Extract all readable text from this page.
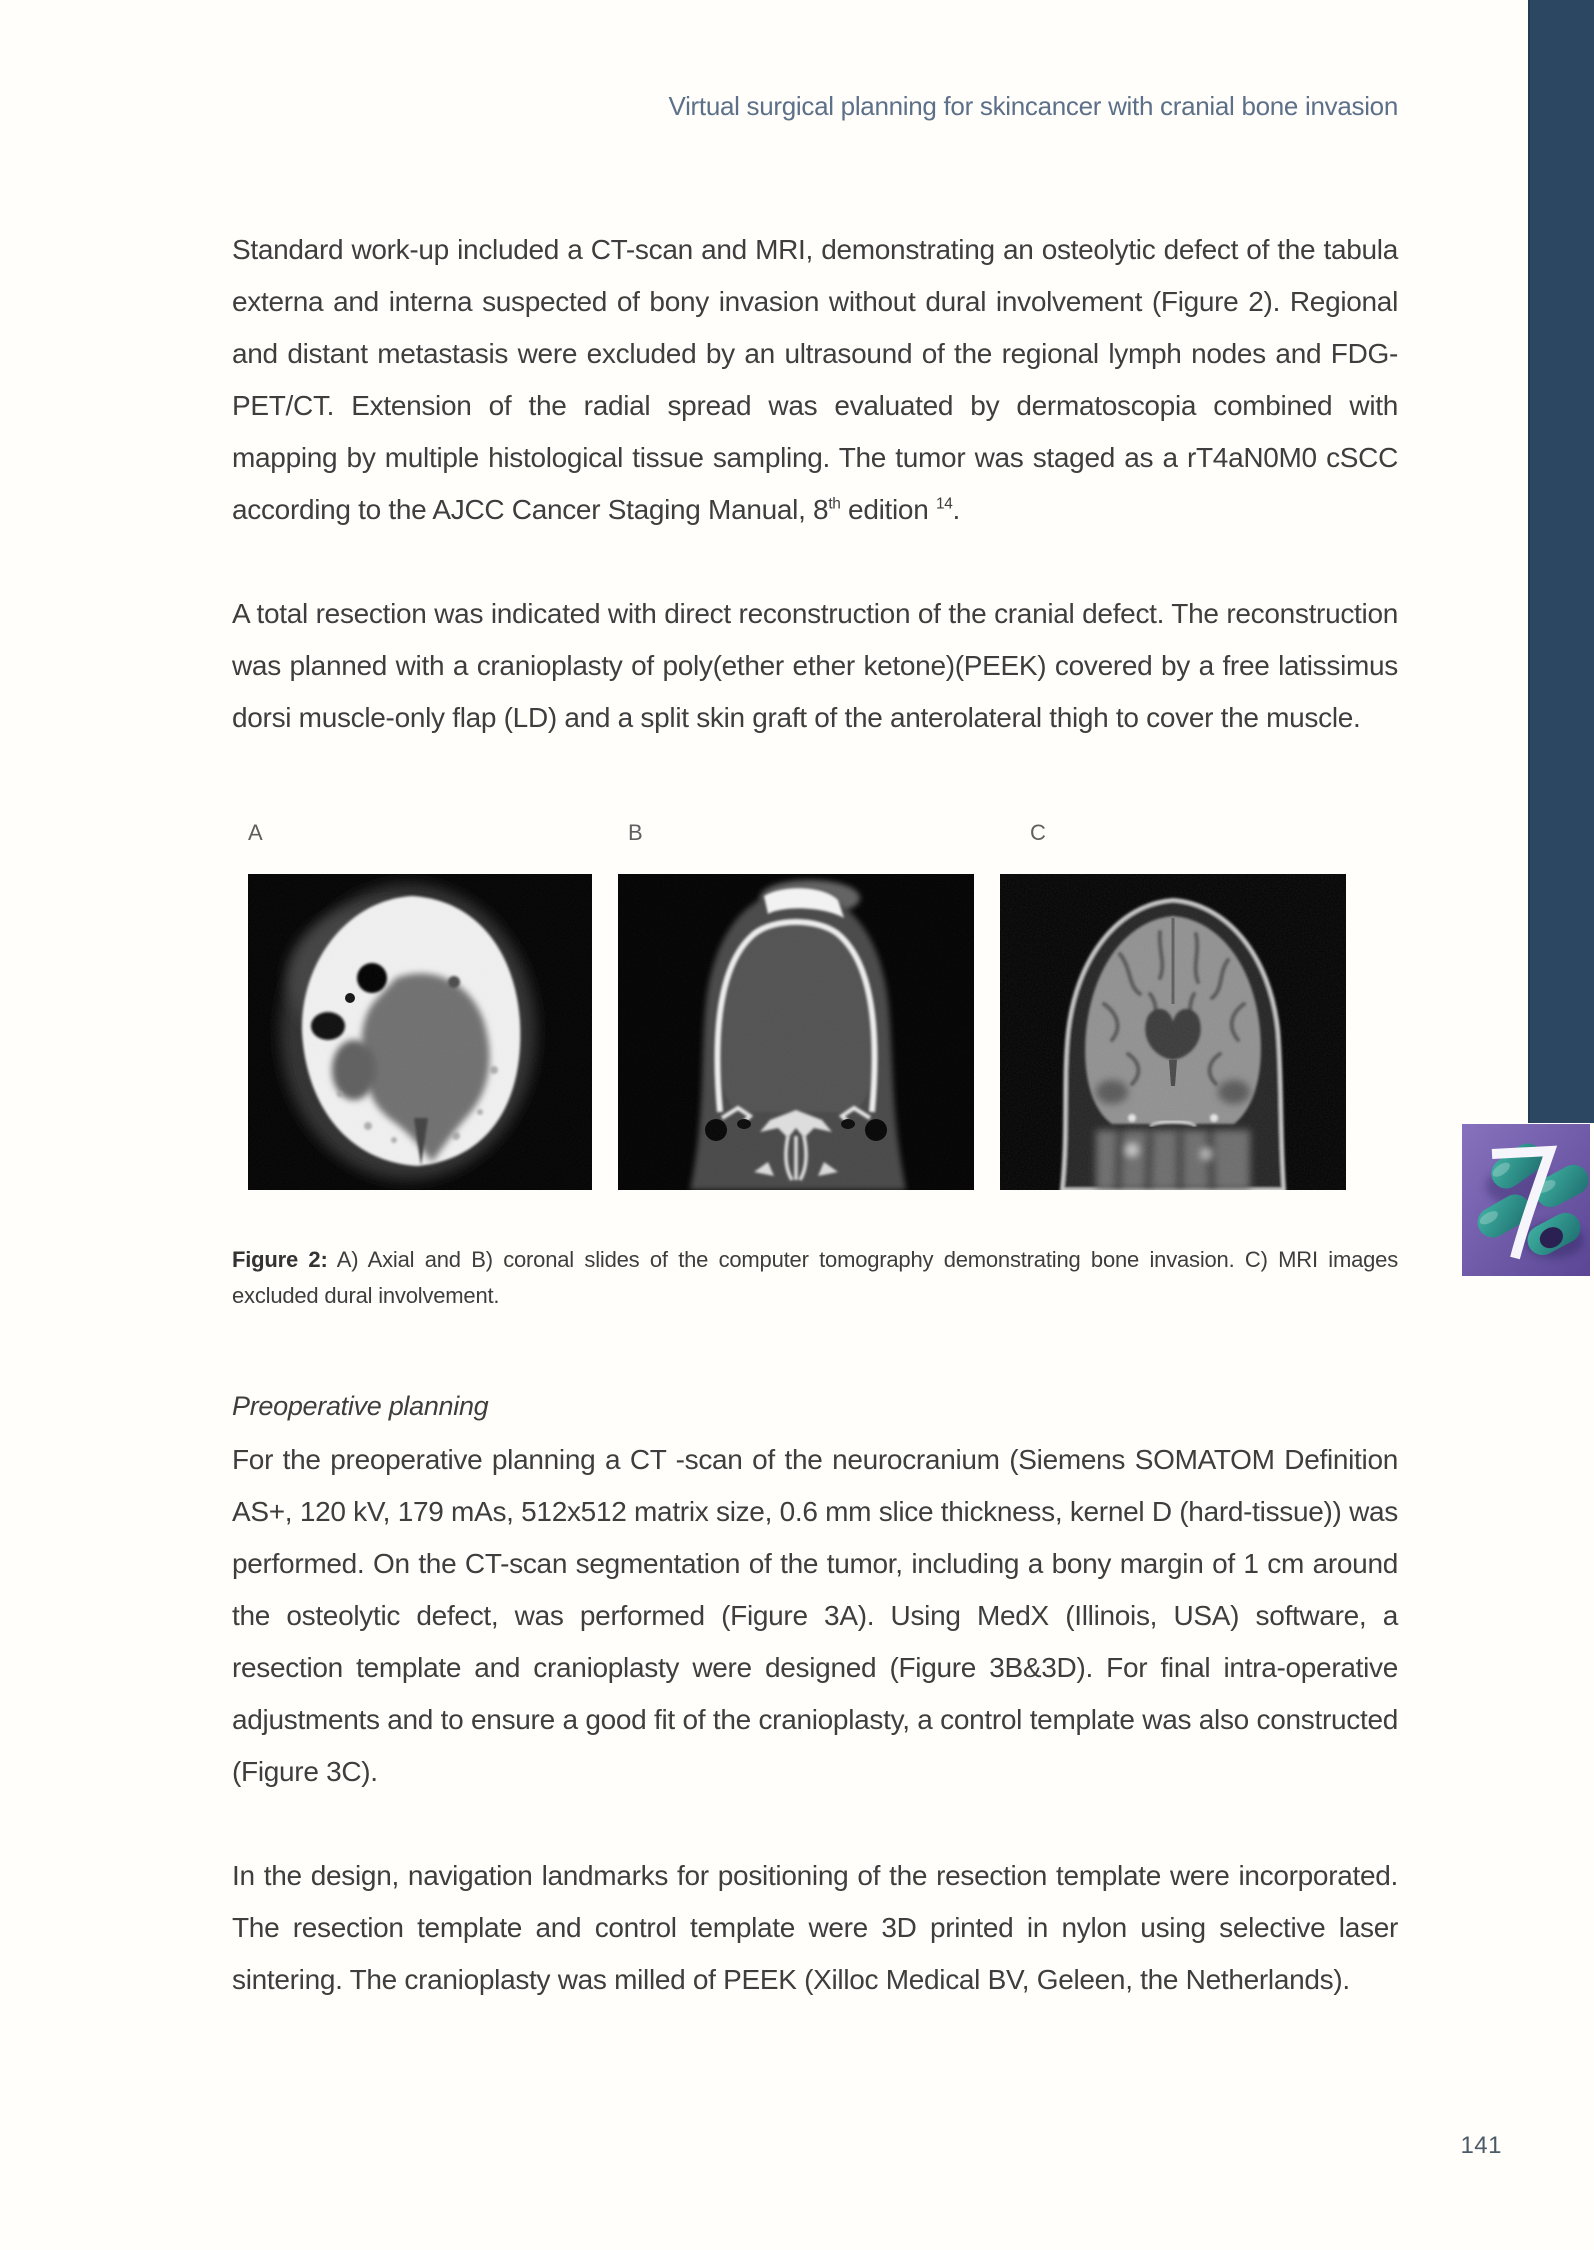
Virtual surgical planning for skincancer with cranial bone invasion

Standard work-up included a CT-scan and MRI, demonstrating an osteolytic defect of the tabula externa and interna suspected of bony invasion without dural involvement (Figure 2). Regional and distant metastasis were excluded by an ultrasound of the regional lymph nodes and FDG-PET/CT. Extension of the radial spread was evaluated by dermatoscopia combined with mapping by multiple histological tissue sampling. The tumor was staged as a rT4aN0M0 cSCC according to the AJCC Cancer Staging Manual, 8th edition $^{14}$.

A total resection was indicated with direct reconstruction of the cranial defect. The reconstruction was planned with a cranioplasty of poly(ether ether ketone)(PEEK) covered by a free latissimus dorsi muscle-only flap (LD) and a split skin graft of the anterolateral thigh to cover the muscle.

A	B	C

Figure 2: A) Axial and B) coronal slides of the computer tomography demonstrating bone invasion. C) MRI images excluded dural involvement.

Preoperative planning

For the preoperative planning a CT -scan of the neurocranium (Siemens SOMATOM Definition AS+, 120 kV, 179 mAs, 512x512 matrix size, 0.6 mm slice thickness, kernel D (hard-tissue)) was performed. On the CT-scan segmentation of the tumor, including a bony margin of 1 cm around the osteolytic defect, was performed (Figure 3A). Using MedX (Illinois, USA) software, a resection template and cranioplasty were designed (Figure 3B&3D). For final intra-operative adjustments and to ensure a good fit of the cranioplasty, a control template was also constructed (Figure 3C).

In the design, navigation landmarks for positioning of the resection template were incorporated. The resection template and control template were 3D printed in nylon using selective laser sintering. The cranioplasty was milled of PEEK (Xilloc Medical BV, Geleen, the Netherlands).

141
